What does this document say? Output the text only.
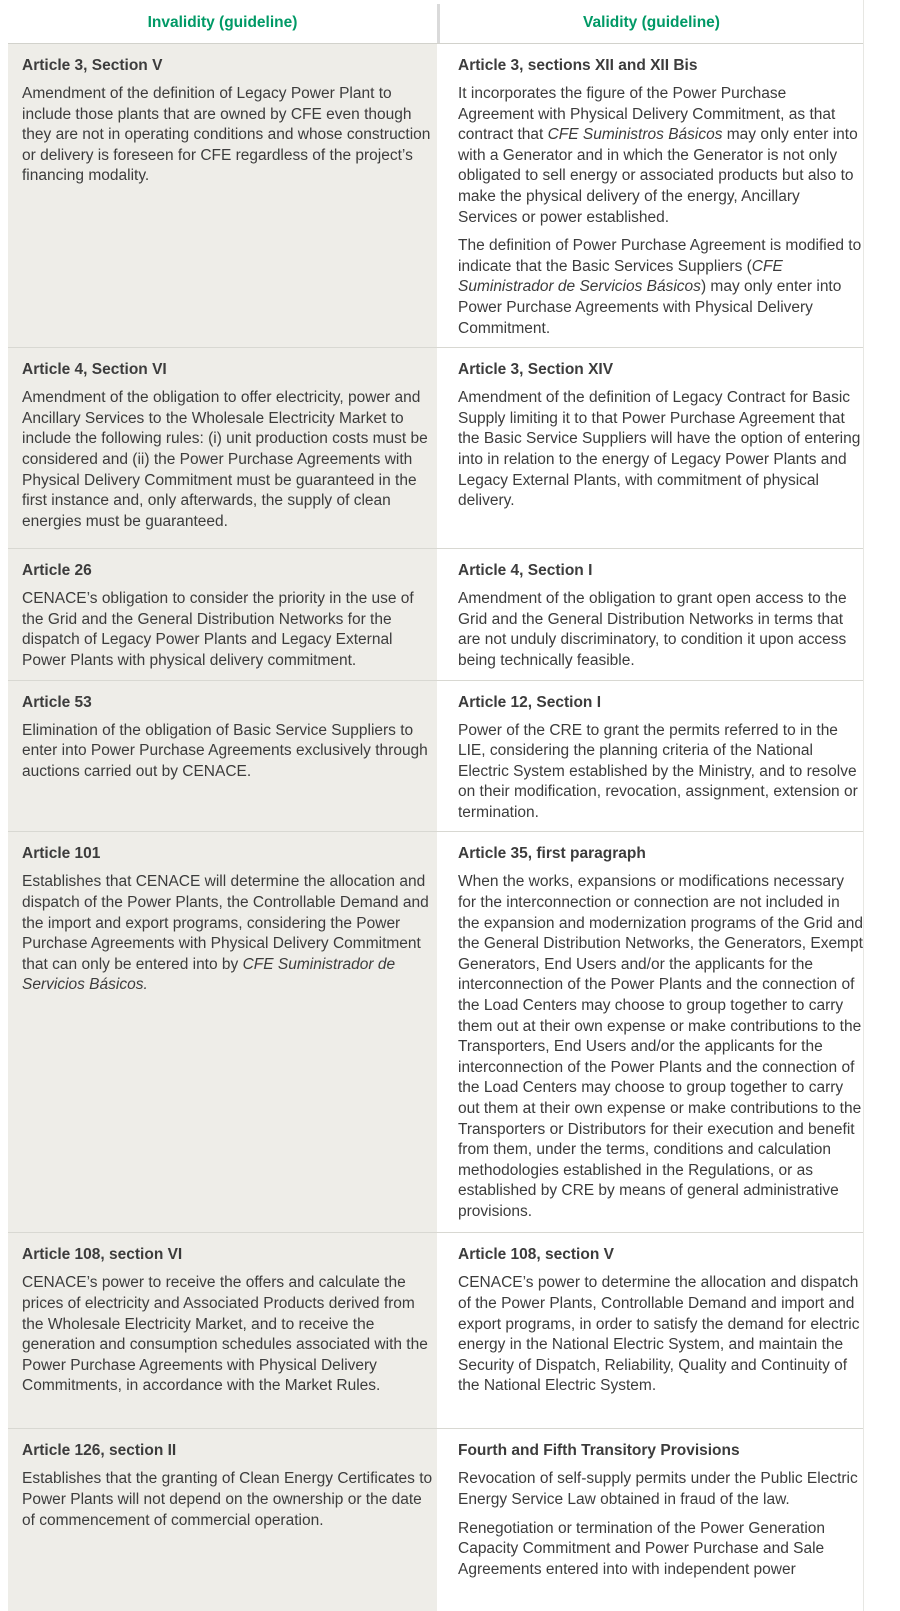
Invalidity (guideline)	Validity (guideline)
Article 3, Section V

Amendment of the definition of Legacy Power Plant to include those plants that are owned by CFE even though they are not in operating conditions and whose construction or delivery is foreseen for CFE regardless of the project’s financing modality.

Article 3, sections XII and XII Bis

It incorporates the figure of the Power Purchase Agreement with Physical Delivery Commitment, as that contract that CFE Suministros Básicos may only enter into with a Generator and in which the Generator is not only obligated to sell energy or associated products but also to make the physical delivery of the energy, Ancillary Services or power established.

The definition of Power Purchase Agreement is modified to indicate that the Basic Services Suppliers (CFE Suministrador de Servicios Básicos) may only enter into Power Purchase Agreements with Physical Delivery Commitment.

Article 4, Section VI

Amendment of the obligation to offer electricity, power and Ancillary Services to the Wholesale Electricity Market to include the following rules: (i) unit production costs must be considered and (ii) the Power Purchase Agreements with Physical Delivery Commitment must be guaranteed in the first instance and, only afterwards, the supply of clean energies must be guaranteed.

Article 3, Section XIV

Amendment of the definition of Legacy Contract for Basic Supply limiting it to that Power Purchase Agreement that the Basic Service Suppliers will have the option of entering into in relation to the energy of Legacy Power Plants and Legacy External Plants, with commitment of physical delivery.

Article 26

CENACE’s obligation to consider the priority in the use of the Grid and the General Distribution Networks for the dispatch of Legacy Power Plants and Legacy External Power Plants with physical delivery commitment.

Article 4, Section I

Amendment of the obligation to grant open access to the Grid and the General Distribution Networks in terms that are not unduly discriminatory, to condition it upon access being technically feasible.

Article 53

Elimination of the obligation of Basic Service Suppliers to enter into Power Purchase Agreements exclusively through auctions carried out by CENACE.

Article 12, Section I

Power of the CRE to grant the permits referred to in the LIE, considering the planning criteria of the National Electric System established by the Ministry, and to resolve on their modification, revocation, assignment, extension or termination.

Article 101

Establishes that CENACE will determine the allocation and dispatch of the Power Plants, the Controllable Demand and the import and export programs, considering the Power Purchase Agreements with Physical Delivery Commitment that can only be entered into by CFE Suministrador de Servicios Básicos.

Article 35, first paragraph

When the works, expansions or modifications necessary for the interconnection or connection are not included in the expansion and modernization programs of the Grid and the General Distribution Networks, the Generators, Exempt Generators, End Users and/or the applicants for the interconnection of the Power Plants and the connection of the Load Centers may choose to group together to carry them out at their own expense or make contributions to the Transporters, End Users and/or the applicants for the interconnection of the Power Plants and the connection of the Load Centers may choose to group together to carry out them at their own expense or make contributions to the Transporters or Distributors for their execution and benefit from them, under the terms, conditions and calculation methodologies established in the Regulations, or as established by CRE by means of general administrative provisions.

Article 108, section VI

CENACE’s power to receive the offers and calculate the prices of electricity and Associated Products derived from the Wholesale Electricity Market, and to receive the generation and consumption schedules associated with the Power Purchase Agreements with Physical Delivery Commitments, in accordance with the Market Rules.

Article 108, section V

CENACE’s power to determine the allocation and dispatch of the Power Plants, Controllable Demand and import and export programs, in order to satisfy the demand for electric energy in the National Electric System, and maintain the Security of Dispatch, Reliability, Quality and Continuity of the National Electric System.

Article 126, section II

Establishes that the granting of Clean Energy Certificates to Power Plants will not depend on the ownership or the date of commencement of commercial operation.

Fourth and Fifth Transitory Provisions

Revocation of self-supply permits under the Public Electric Energy Service Law obtained in fraud of the law.

Renegotiation or termination of the Power Generation Capacity Commitment and Power Purchase and Sale Agreements entered into with independent power
